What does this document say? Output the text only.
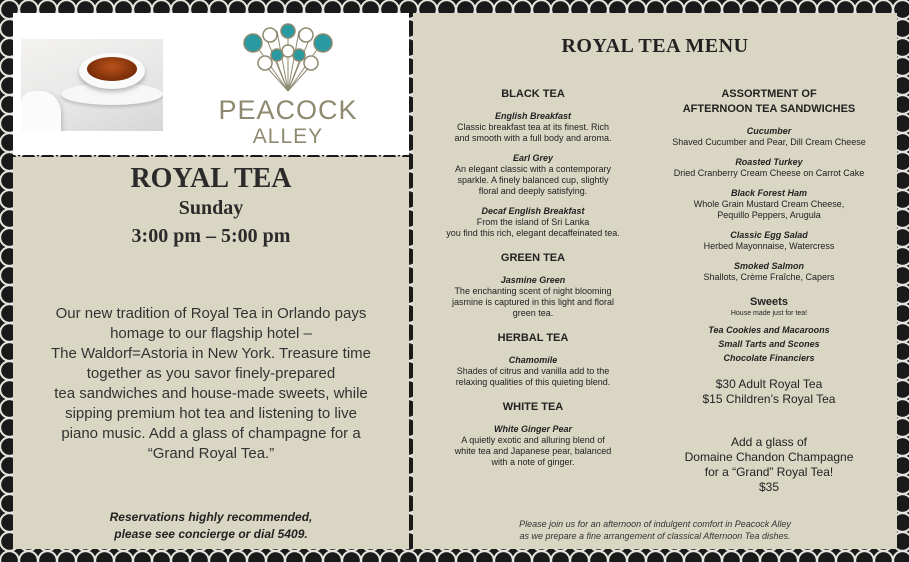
PEACOCK
ALLEY
ROYAL TEA
Sunday
3:00 pm – 5:00 pm
Our new tradition of Royal Tea in Orlando pays
homage to our flagship hotel –
The Waldorf=Astoria in New York. Treasure time
together as you savor finely-prepared
tea sandwiches and house-made sweets, while
sipping premium hot tea and listening to live
piano music. Add a glass of champagne for a
“Grand Royal Tea.”
Reservations highly recommended,
please see concierge or dial 5409.
ROYAL TEA MENU
BLACK TEA
English Breakfast
Classic breakfast tea at its finest. Rich
and smooth with a full body and aroma.
Earl Grey
An elegant classic with a contemporary
sparkle. A finely balanced cup, slightly
floral and deeply satisfying.
Decaf English Breakfast
From the island of Sri Lanka
you find this rich, elegant decaffeinated tea.
GREEN TEA
Jasmine Green
The enchanting scent of night blooming
jasmine is captured in this light and floral
green tea.
HERBAL TEA
Chamomile
Shades of citrus and vanilla add to the
relaxing qualities of this quieting blend.
WHITE TEA
White Ginger Pear
A quietly exotic and alluring blend of
white tea and Japanese pear, balanced
with a note of ginger.
ASSORTMENT OF
AFTERNOON TEA SANDWICHES
Cucumber
Shaved Cucumber and Pear, Dill Cream Cheese
Roasted Turkey
Dried Cranberry Cream Cheese on Carrot Cake
Black Forest Ham
Whole Grain Mustard Cream Cheese,
Pequillo Peppers, Arugula
Classic Egg Salad
Herbed Mayonnaise, Watercress
Smoked Salmon
Shallots, Crème Fraîche, Capers
Sweets
House made just for tea!
Tea Cookies and Macaroons
Small Tarts and Scones
Chocolate Financiers
$30 Adult Royal Tea
$15 Children’s Royal Tea
Add a glass of
Domaine Chandon Champagne
for a “Grand” Royal Tea!
$35
Please join us for an afternoon of indulgent comfort in Peacock Alley
as we prepare a fine arrangement of classical Afternoon Tea dishes.
